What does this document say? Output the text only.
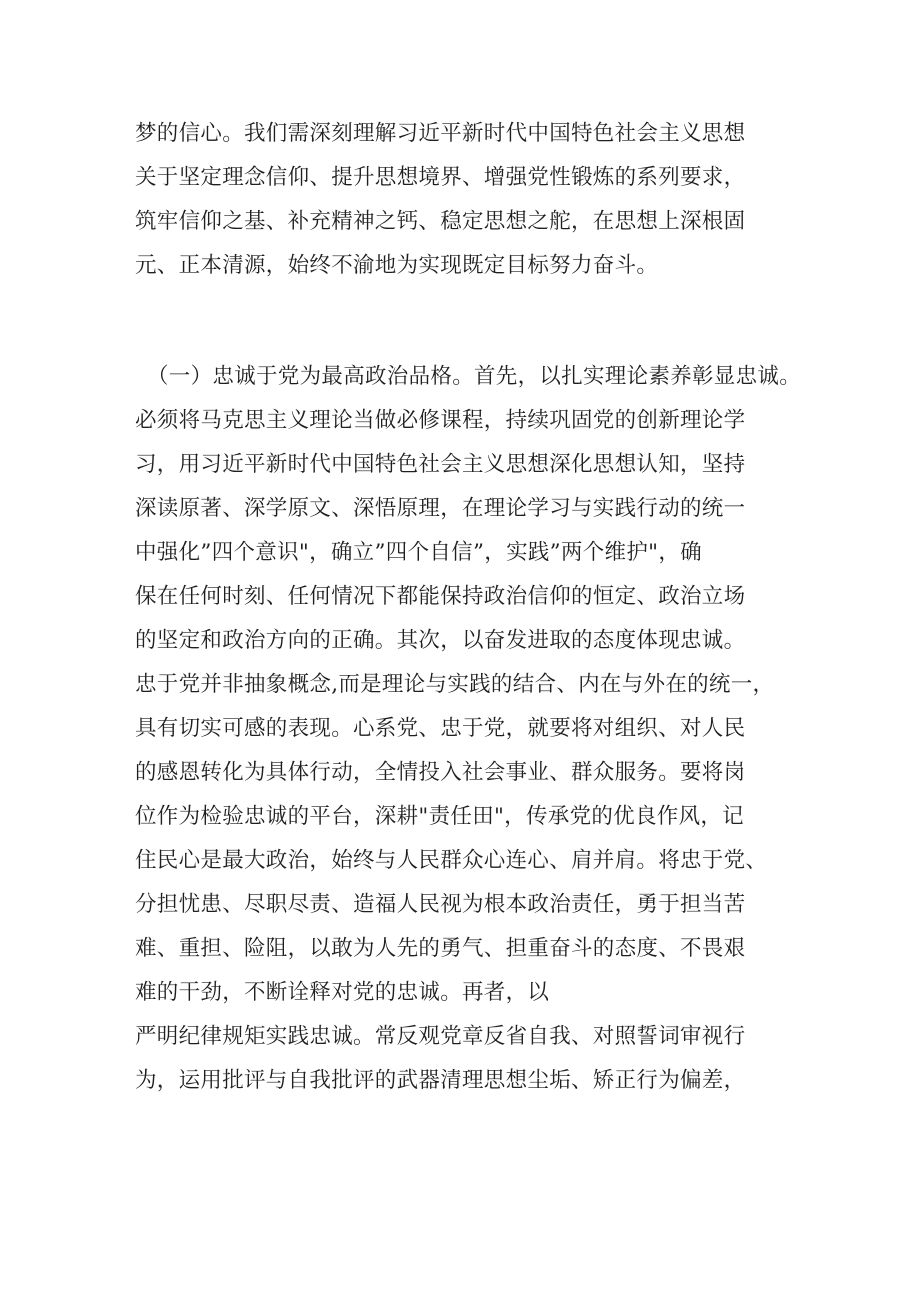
梦的信心。我们需深刻理解习近平新时代中国特色社会主义思想
关于坚定理念信仰、提升思想境界、增强党性锻炼的系列要求，
筑牢信仰之基、补充精神之钙、稳定思想之舵，在思想上深根固
元、正本清源，始终不渝地为实现既定目标努力奋斗。
（一）忠诚于党为最高政治品格。首先，以扎实理论素养彰显忠诚。
必须将马克思主义理论当做必修课程，持续巩固党的创新理论学
习，用习近平新时代中国特色社会主义思想深化思想认知，坚持
深读原著、深学原文、深悟原理，在理论学习与实践行动的统一
中强化”四个意识"，确立”四个自信”，实践”两个维护"，确
保在任何时刻、任何情况下都能保持政治信仰的恒定、政治立场
的坚定和政治方向的正确。其次，以奋发进取的态度体现忠诚。
忠于党并非抽象概念,而是理论与实践的结合、内在与外在的统一，
具有切实可感的表现。心系党、忠于党，就要将对组织、对人民
的感恩转化为具体行动，全情投入社会事业、群众服务。要将岗
位作为检验忠诚的平台，深耕"责任田"，传承党的优良作风，记
住民心是最大政治，始终与人民群众心连心、肩并肩。将忠于党、
分担忧患、尽职尽责、造福人民视为根本政治责任，勇于担当苦
难、重担、险阻，以敢为人先的勇气、担重奋斗的态度、不畏艰
难的干劲，不断诠释对党的忠诚。再者，以
严明纪律规矩实践忠诚。常反观党章反省自我、对照誓词审视行
为，运用批评与自我批评的武器清理思想尘垢、矫正行为偏差，
